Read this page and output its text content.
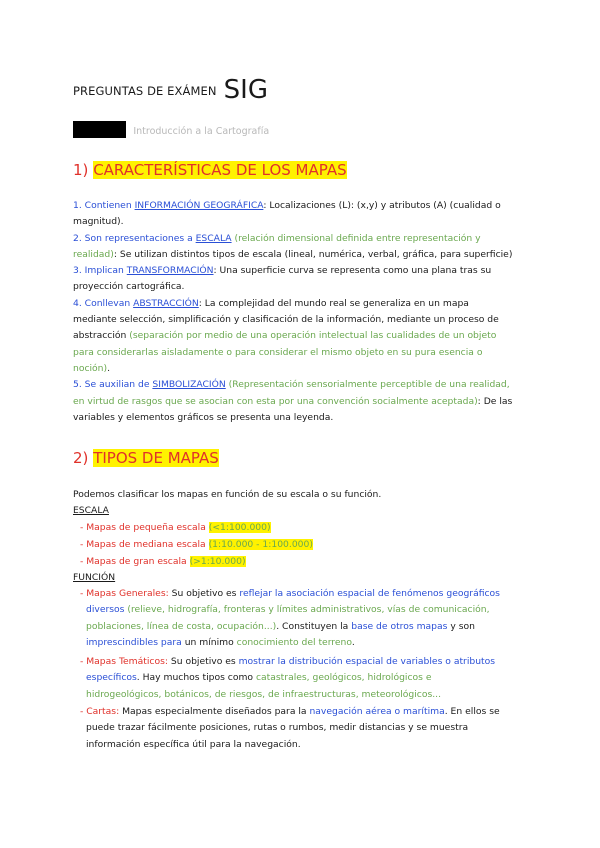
PREGUNTAS DE EXÁMEN SIG
TEMA 1 Introducción a la Cartografía
1) CARACTERÍSTICAS DE LOS MAPAS
1. Contienen INFORMACIÓN GEOGRÁFICA: Localizaciones (L): (x,y) y atributos (A) (cualidad o magnitud).
2. Son representaciones a ESCALA (relación dimensional definida entre representación y realidad): Se utilizan distintos tipos de escala (lineal, numérica, verbal, gráfica, para superficie)
3. Implican TRANSFORMACIÓN: Una superficie curva se representa como una plana tras su proyección cartográfica.
4. Conllevan ABSTRACCIÓN: La complejidad del mundo real se generaliza en un mapa mediante selección, simplificación y clasificación de la información, mediante un proceso de abstracción (separación por medio de una operación intelectual las cualidades de un objeto para considerarlas aisladamente o para considerar el mismo objeto en su pura esencia o noción).
5. Se auxilian de SIMBOLIZACIÓN (Representación sensorialmente perceptible de una realidad, en virtud de rasgos que se asocian con esta por una convención socialmente aceptada): De las variables y elementos gráficos se presenta una leyenda.
2) TIPOS DE MAPAS
Podemos clasificar los mapas en función de su escala o su función.
ESCALA
- Mapas de pequeña escala (<1:100.000)
- Mapas de mediana escala (1:10.000 - 1:100.000)
- Mapas de gran escala (>1:10.000)
FUNCIÓN
- Mapas Generales: Su objetivo es reflejar la asociación espacial de fenómenos geográficos diversos (relieve, hidrografía, fronteras y límites administrativos, vías de comunicación, poblaciones, línea de costa, ocupación...). Constituyen la base de otros mapas y son imprescindibles para un mínimo conocimiento del terreno.
- Mapas Temáticos: Su objetivo es mostrar la distribución espacial de variables o atributos específicos. Hay muchos tipos como catastrales, geológicos, hidrológicos e hidrogeológicos, botánicos, de riesgos, de infraestructuras, meteorológicos...
- Cartas: Mapas especialmente diseñados para la navegación aérea o marítima. En ellos se puede trazar fácilmente posiciones, rutas o rumbos, medir distancias y se muestra información específica útil para la navegación.
